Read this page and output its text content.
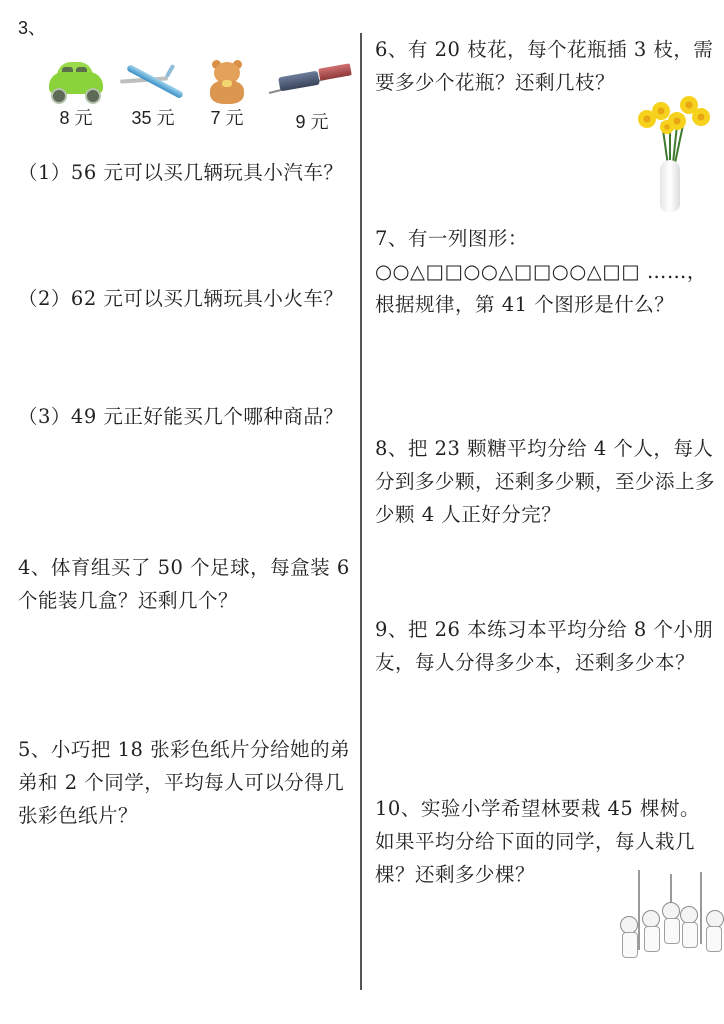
3、
8 元	35 元	7 元	9 元
（1）56 元可以买几辆玩具小汽车？
（2）62 元可以买几辆玩具小火车？
（3）49 元正好能买几个哪种商品？
4、体育组买了 50 个足球，每盒装 6 个能装几盒？还剩几个？
5、小巧把 18 张彩色纸片分给她的弟弟和 2 个同学，平均每人可以分得几张彩色纸片？
6、有 20 枝花，每个花瓶插 3 枝，需要多少个花瓶？还剩几枝？
7、有一列图形：○○△□□○○△□□○○△□□ ……，根据规律，第 41 个图形是什么？
8、把 23 颗糖平均分给 4 个人，每人分到多少颗，还剩多少颗，至少添上多少颗 4 人正好分完？
9、把 26 本练习本平均分给 8 个小朋友，每人分得多少本，还剩多少本？
10、实验小学希望林要栽 45 棵树。如果平均分给下面的同学，每人栽几棵？还剩多少棵？
